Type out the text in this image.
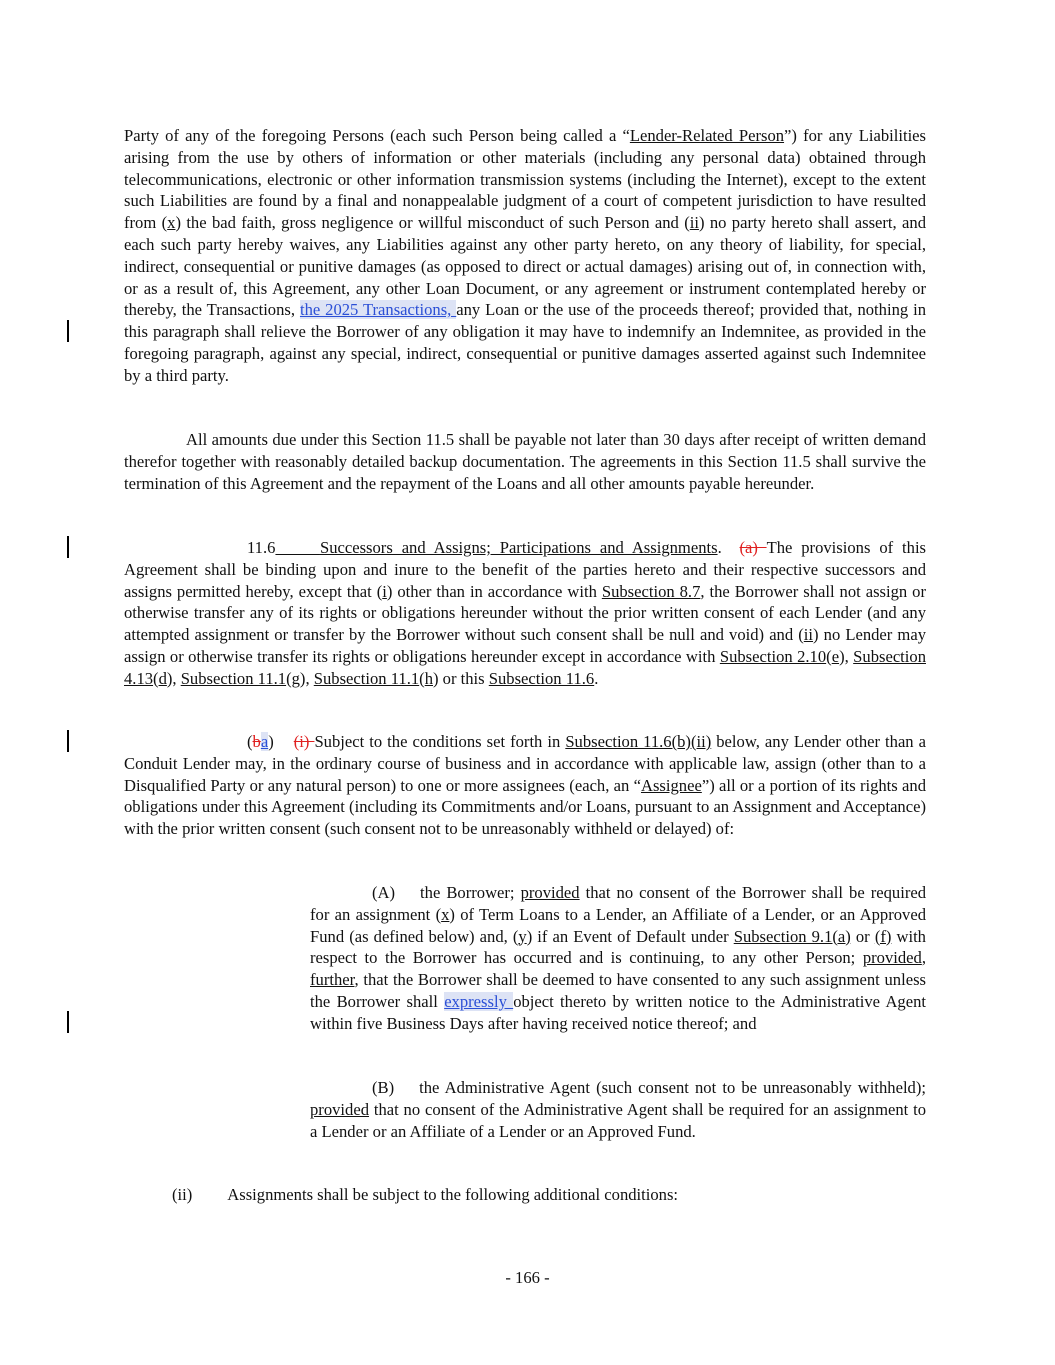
Party of any of the foregoing Persons (each such Person being called a “Lender-Related Person”) for any Liabilities arising from the use by others of information or other materials (including any personal data) obtained through telecommunications, electronic or other information transmission systems (including the Internet), except to the extent such Liabilities are found by a final and nonappealable judgment of a court of competent jurisdiction to have resulted from (x) the bad faith, gross negligence or willful misconduct of such Person and (ii) no party hereto shall assert, and each such party hereby waives, any Liabilities against any other party hereto, on any theory of liability, for special, indirect, consequential or punitive damages (as opposed to direct or actual damages) arising out of, in connection with, or as a result of, this Agreement, any other Loan Document, or any agreement or instrument contemplated hereby or thereby, the Transactions, the 2025 Transactions, any Loan or the use of the proceeds thereof; provided that, nothing in this paragraph shall relieve the Borrower of any obligation it may have to indemnify an Indemnitee, as provided in the foregoing paragraph, against any special, indirect, consequential or punitive damages asserted against such Indemnitee by a third party.

All amounts due under this Section 11.5 shall be payable not later than 30 days after receipt of written demand therefor together with reasonably detailed backup documentation. The agreements in this Section 11.5 shall survive the termination of this Agreement and the repayment of the Loans and all other amounts payable hereunder.

11.6	Successors and Assigns; Participations and Assignments.  (a) The provisions of this Agreement shall be binding upon and inure to the benefit of the parties hereto and their respective successors and assigns permitted hereby, except that (i) other than in accordance with Subsection 8.7, the Borrower shall not assign or otherwise transfer any of its rights or obligations hereunder without the prior written consent of each Lender (and any attempted assignment or transfer by the Borrower without such consent shall be null and void) and (ii) no Lender may assign or otherwise transfer its rights or obligations hereunder except in accordance with Subsection 2.10(e), Subsection 4.13(d), Subsection 11.1(g), Subsection 11.1(h) or this Subsection 11.6.

(ba) (i) Subject to the conditions set forth in Subsection 11.6(b)(ii) below, any Lender other than a Conduit Lender may, in the ordinary course of business and in accordance with applicable law, assign (other than to a Disqualified Party or any natural person) to one or more assignees (each, an “Assignee”) all or a portion of its rights and obligations under this Agreement (including its Commitments and/or Loans, pursuant to an Assignment and Acceptance) with the prior written consent (such consent not to be unreasonably withheld or delayed) of:

(A) the Borrower; provided that no consent of the Borrower shall be required for an assignment (x) of Term Loans to a Lender, an Affiliate of a Lender, or an Approved Fund (as defined below) and, (y) if an Event of Default under Subsection 9.1(a) or (f) with respect to the Borrower has occurred and is continuing, to any other Person; provided, further, that the Borrower shall be deemed to have consented to any such assignment unless the Borrower shall expressly object thereto by written notice to the Administrative Agent within five Business Days after having received notice thereof; and

(B) the Administrative Agent (such consent not to be unreasonably withheld); provided that no consent of the Administrative Agent shall be required for an assignment to a Lender or an Affiliate of a Lender or an Approved Fund.

(ii) Assignments shall be subject to the following additional conditions:

- 166 -
